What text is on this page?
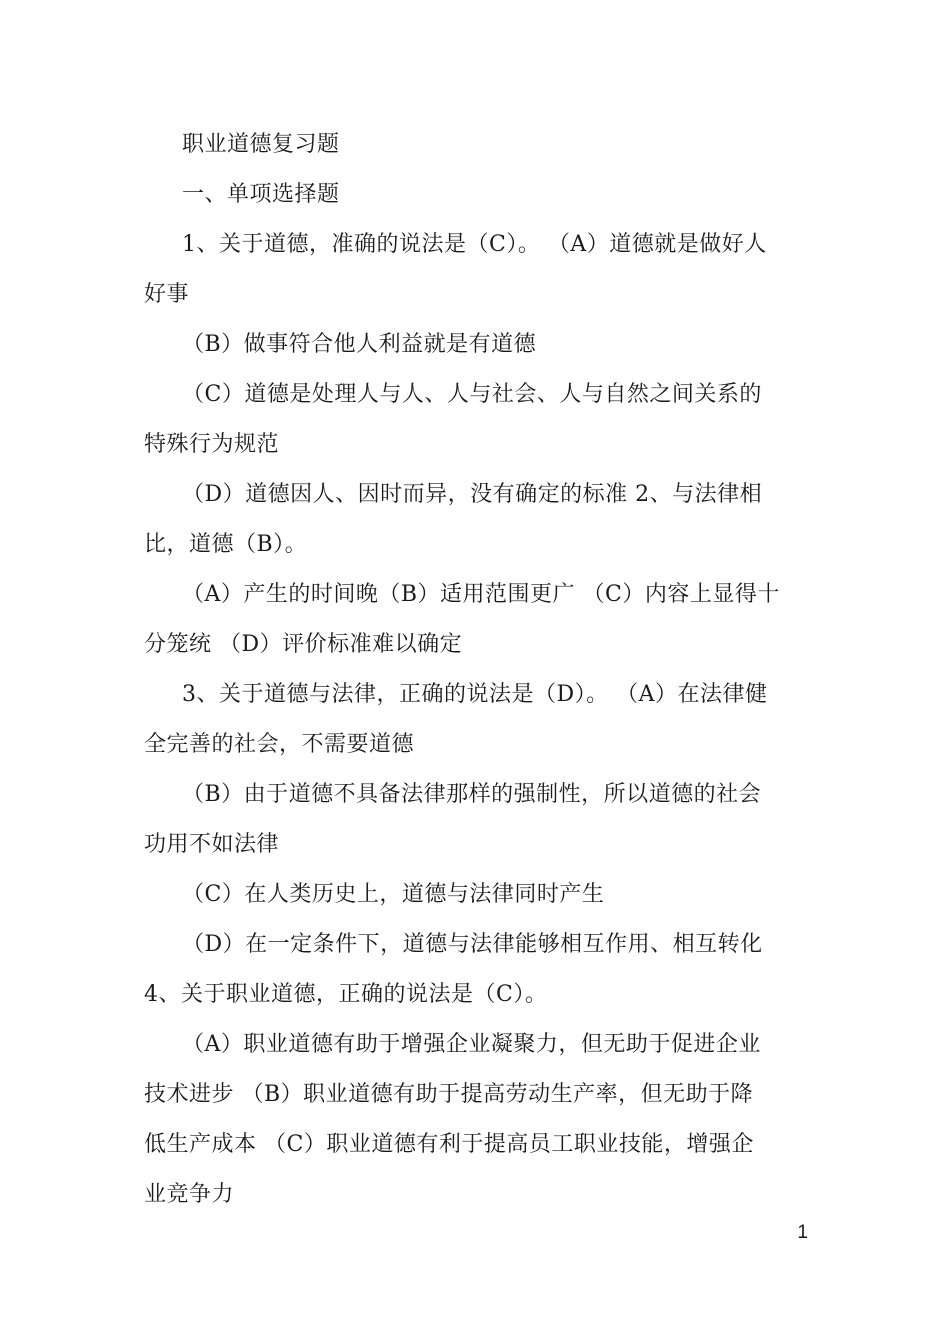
职业道德复习题
一、单项选择题
1、关于道德，准确的说法是（C）。 （A）道德就是做好人
好事
（B）做事符合他人利益就是有道德
（C）道德是处理人与人、人与社会、人与自然之间关系的
特殊行为规范
（D）道德因人、因时而异，没有确定的标准 2、与法律相
比，道德（B）。
（A）产生的时间晚（B）适用范围更广 （C）内容上显得十
分笼统 （D）评价标准难以确定
3、关于道德与法律，正确的说法是（D）。 （A）在法律健
全完善的社会，不需要道德
（B）由于道德不具备法律那样的强制性，所以道德的社会
功用不如法律
（C）在人类历史上，道德与法律同时产生
（D）在一定条件下，道德与法律能够相互作用、相互转化
4、关于职业道德，正确的说法是（C）。
（A）职业道德有助于增强企业凝聚力，但无助于促进企业
技术进步 （B）职业道德有助于提高劳动生产率，但无助于降
低生产成本 （C）职业道德有利于提高员工职业技能，增强企
业竞争力
1
